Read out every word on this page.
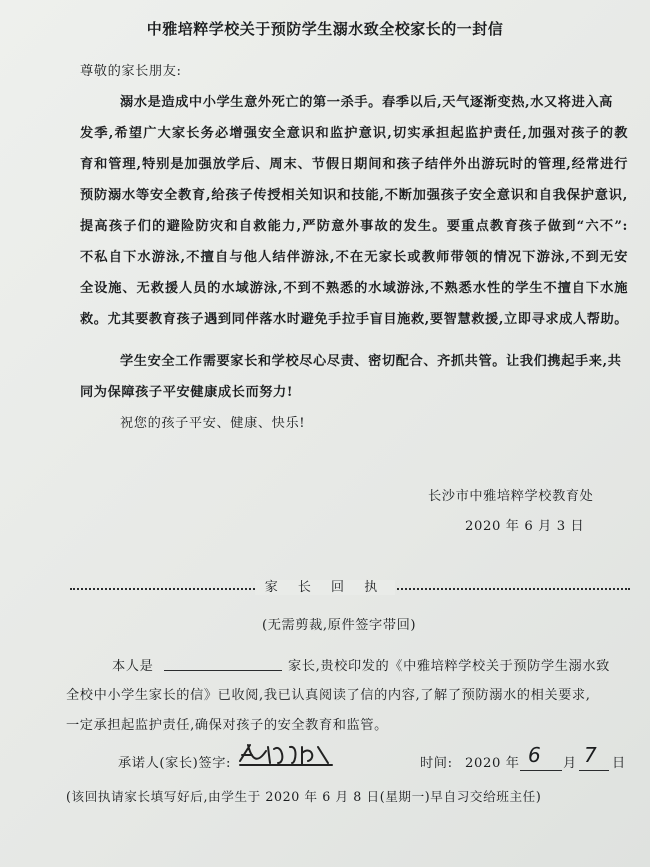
中雅培粹学校关于预防学生溺水致全校家长的一封信
尊敬的家长朋友:
溺水是造成中小学生意外死亡的第一杀手。春季以后,天气逐渐变热,水又将进入高
发季,希望广大家长务必增强安全意识和监护意识,切实承担起监护责任,加强对孩子的教
育和管理,特别是加强放学后、周末、节假日期间和孩子结伴外出游玩时的管理,经常进行
预防溺水等安全教育,给孩子传授相关知识和技能,不断加强孩子安全意识和自我保护意识,
提高孩子们的避险防灾和自救能力,严防意外事故的发生。要重点教育孩子做到“六不”:
不私自下水游泳,不擅自与他人结伴游泳,不在无家长或教师带领的情况下游泳,不到无安
全设施、无救援人员的水域游泳,不到不熟悉的水域游泳,不熟悉水性的学生不擅自下水施
救。尤其要教育孩子遇到同伴落水时避免手拉手盲目施救,要智慧救援,立即寻求成人帮助。
学生安全工作需要家长和学校尽心尽责、密切配合、齐抓共管。让我们携起手来,共
同为保障孩子平安健康成长而努力!
祝您的孩子平安、健康、快乐!
长沙市中雅培粹学校教育处
2020 年 6 月 3 日
家 长 回 执
(无需剪裁,原件签字带回)
本人是	家长,贵校印发的《中雅培粹学校关于预防学生溺水致
全校中小学生家长的信》已收阅,我已认真阅读了信的内容,了解了预防溺水的相关要求,
一定承担起监护责任,确保对孩子的安全教育和监管。
承诺人(家长)签字:	时间: 2020 年 6 月 7 日
(该回执请家长填写好后,由学生于 2020 年 6 月 8 日(星期一)早自习交给班主任)
